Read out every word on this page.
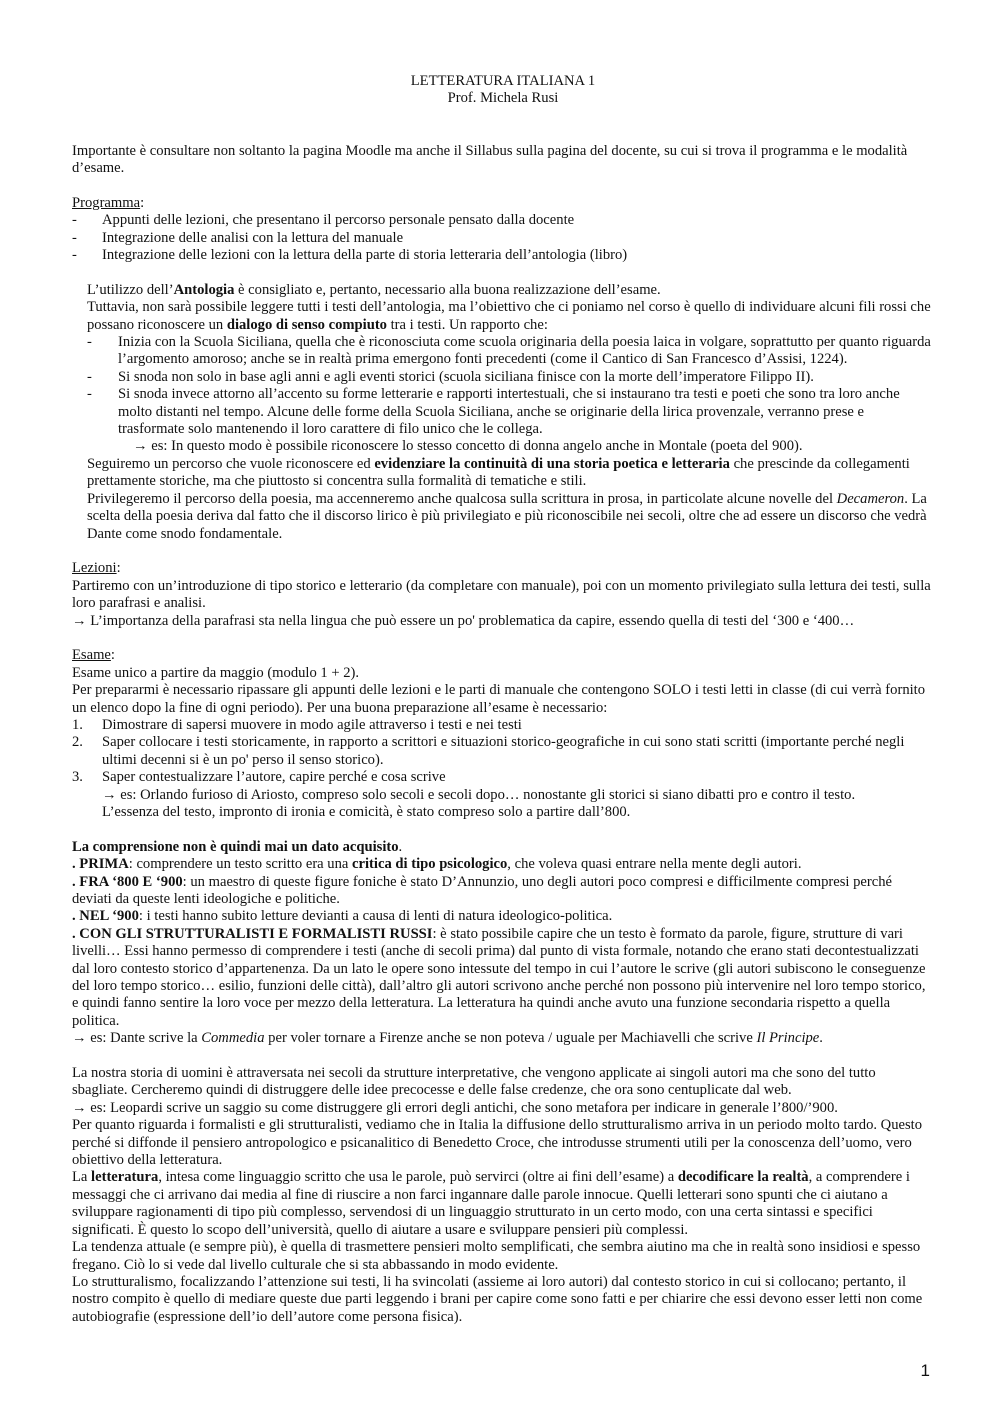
LETTERATURA ITALIANA 1

Prof. Michela Rusi

Importante è consultare non soltanto la pagina Moodle ma anche il Sillabus sulla pagina del docente, su cui si trova il programma e le modalità d’esame.

Programma:

-	Appunti delle lezioni, che presentano il percorso personale pensato dalla docente
-	Integrazione delle analisi con la lettura del manuale
-	Integrazione delle lezioni con la lettura della parte di storia letteraria dell’antologia (libro)

L’utilizzo dell’Antologia è consigliato e, pertanto, necessario alla buona realizzazione dell’esame.

Tuttavia, non sarà possibile leggere tutti i testi dell’antologia, ma l’obiettivo che ci poniamo nel corso è quello di individuare alcuni fili rossi che possano riconoscere un dialogo di senso compiuto tra i testi. Un rapporto che:

-	Inizia con la Scuola Siciliana, quella che è riconosciuta come scuola originaria della poesia laica in volgare, soprattutto per quanto riguarda l’argomento amoroso; anche se in realtà prima emergono fonti precedenti (come il Cantico di San Francesco d’Assisi, 1224).
-	Si snoda non solo in base agli anni e agli eventi storici (scuola siciliana finisce con la morte dell’imperatore Filippo II).
-	Si snoda invece attorno all’accento su forme letterarie e rapporti intertestuali, che si instaurano tra testi e poeti che sono tra loro anche molto distanti nel tempo. Alcune delle forme della Scuola Siciliana, anche se originarie della lirica provenzale, verranno prese e trasformate solo mantenendo il loro carattere di filo unico che le collega.

→ es: In questo modo è possibile riconoscere lo stesso concetto di donna angelo anche in Montale (poeta del 900).

Seguiremo un percorso che vuole riconoscere ed evidenziare la continuità di una storia poetica e letteraria che prescinde da collegamenti prettamente storiche, ma che piuttosto si concentra sulla formalità di tematiche e stili.

Privilegeremo il percorso della poesia, ma accenneremo anche qualcosa sulla scrittura in prosa, in particolate alcune novelle del Decameron. La scelta della poesia deriva dal fatto che il discorso lirico è più privilegiato e più riconoscibile nei secoli, oltre che ad essere un discorso che vedrà Dante come snodo fondamentale.

Lezioni:

Partiremo con un’introduzione di tipo storico e letterario (da completare con manuale), poi con un momento privilegiato sulla lettura dei testi, sulla loro parafrasi e analisi.

→ L’importanza della parafrasi sta nella lingua che può essere un po' problematica da capire, essendo quella di testi del ‘300 e ‘400…

Esame:

Esame unico a partire da maggio (modulo 1 + 2).

Per prepararmi è necessario ripassare gli appunti delle lezioni e le parti di manuale che contengono SOLO i testi letti in classe (di cui verrà fornito un elenco dopo la fine di ogni periodo). Per una buona preparazione all’esame è necessario:

1.	Dimostrare di sapersi muovere in modo agile attraverso i testi e nei testi
2.	Saper collocare i testi storicamente, in rapporto a scrittori e situazioni storico-geografiche in cui sono stati scritti (importante perché negli ultimi decenni si è un po' perso il senso storico).
3.	Saper contestualizzare l’autore, capire perché e cosa scrive

→ es: Orlando furioso di Ariosto, compreso solo secoli e secoli dopo… nonostante gli storici si siano dibatti pro e contro il testo.

L’essenza del testo, impronto di ironia e comicità, è stato compreso solo a partire dall’800.

La comprensione non è quindi mai un dato acquisito.

. PRIMA: comprendere un testo scritto era una critica di tipo psicologico, che voleva quasi entrare nella mente degli autori.

. FRA ‘800 E ‘900: un maestro di queste figure foniche è stato D’Annunzio, uno degli autori poco compresi e difficilmente compresi perché deviati da queste lenti ideologiche e politiche.

. NEL ‘900: i testi hanno subito letture devianti a causa di lenti di natura ideologico-politica.

. CON GLI STRUTTURALISTI E FORMALISTI RUSSI: è stato possibile capire che un testo è formato da parole, figure, strutture di vari livelli… Essi hanno permesso di comprendere i testi (anche di secoli prima) dal punto di vista formale, notando che erano stati decontestualizzati dal loro contesto storico d’appartenenza. Da un lato le opere sono intessute del tempo in cui l’autore le scrive (gli autori subiscono le conseguenze del loro tempo storico… esilio, funzioni delle città), dall’altro gli autori scrivono anche perché non possono più intervenire nel loro tempo storico, e quindi fanno sentire la loro voce per mezzo della letteratura. La letteratura ha quindi anche avuto una funzione secondaria rispetto a quella politica.

→ es: Dante scrive la Commedia per voler tornare a Firenze anche se non poteva / uguale per Machiavelli che scrive Il Principe.

La nostra storia di uomini è attraversata nei secoli da strutture interpretative, che vengono applicate ai singoli autori ma che sono del tutto sbagliate. Cercheremo quindi di distruggere delle idee precocesse e delle false credenze, che ora sono centuplicate dal web.

→ es: Leopardi scrive un saggio su come distruggere gli errori degli antichi, che sono metafora per indicare in generale l’800/’900.

Per quanto riguarda i formalisti e gli strutturalisti, vediamo che in Italia la diffusione dello strutturalismo arriva in un periodo molto tardo. Questo perché si diffonde il pensiero antropologico e psicanalitico di Benedetto Croce, che introdusse strumenti utili per la conoscenza dell’uomo, vero obiettivo della letteratura.

La letteratura, intesa come linguaggio scritto che usa le parole, può servirci (oltre ai fini dell’esame) a decodificare la realtà, a comprendere i messaggi che ci arrivano dai media al fine di riuscire a non farci ingannare dalle parole innocue. Quelli letterari sono spunti che ci aiutano a sviluppare ragionamenti di tipo più complesso, servendosi di un linguaggio strutturato in un certo modo, con una certa sintassi e specifici significati. È questo lo scopo dell’università, quello di aiutare a usare e sviluppare pensieri più complessi.

La tendenza attuale (e sempre più), è quella di trasmettere pensieri molto semplificati, che sembra aiutino ma che in realtà sono insidiosi e spesso fregano. Ciò lo si vede dal livello culturale che si sta abbassando in modo evidente.

Lo strutturalismo, focalizzando l’attenzione sui testi, li ha svincolati (assieme ai loro autori) dal contesto storico in cui si collocano; pertanto, il nostro compito è quello di mediare queste due parti leggendo i brani per capire come sono fatti e per chiarire che essi devono esser letti non come autobiografie (espressione dell’io dell’autore come persona fisica).

1
